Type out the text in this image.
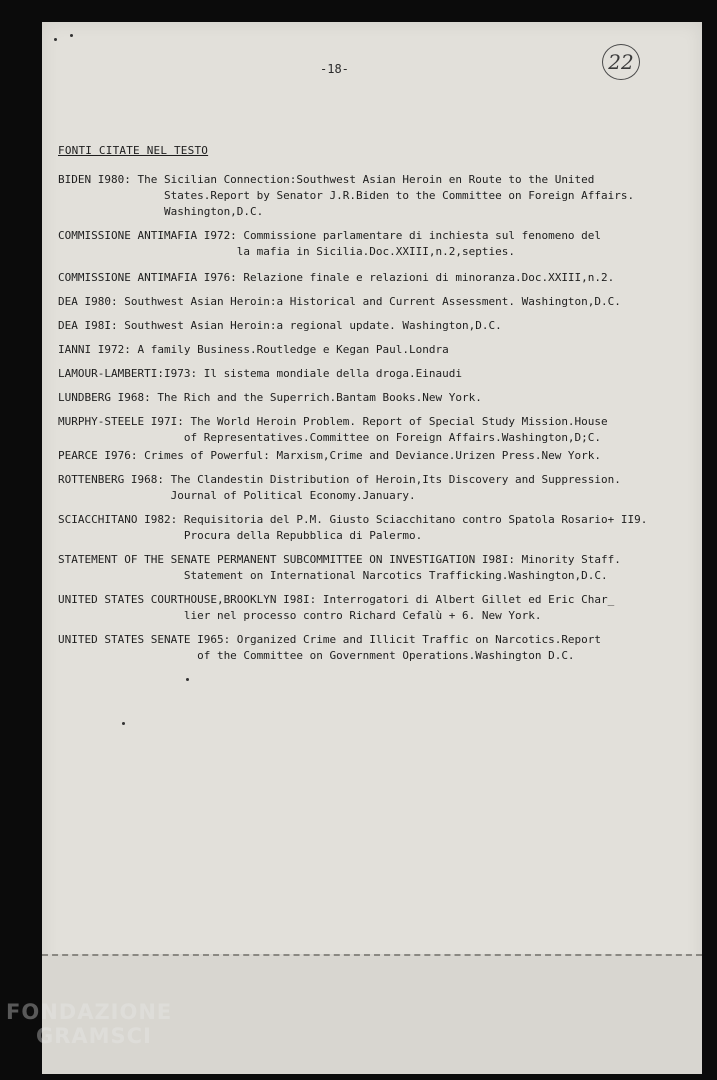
-18-	22
FONTI CITATE NEL TESTO
BIDEN I980: The Sicilian Connection:Southwest Asian Heroin en Route to the United
States.Report by Senator J.R.Biden to the Committee on Foreign Affairs.
Washington,D.C.
COMMISSIONE ANTIMAFIA I972: Commissione parlamentare di inchiesta sul fenomeno del
la mafia in Sicilia.Doc.XXIII,n.2,septies.
COMMISSIONE ANTIMAFIA I976: Relazione finale e relazioni di minoranza.Doc.XXIII,n.2.
DEA I980: Southwest Asian Heroin:a Historical and Current Assessment. Washington,D.C.
DEA I98I: Southwest Asian Heroin:a regional update. Washington,D.C.
IANNI I972: A family Business.Routledge e Kegan Paul.Londra
LAMOUR-LAMBERTI:I973: Il sistema mondiale della droga.Einaudi
LUNDBERG I968: The Rich and the Superrich.Bantam Books.New York.
MURPHY-STEELE I97I: The World Heroin Problem. Report of Special Study Mission.House
of Representatives.Committee on Foreign Affairs.Washington,D;C.
PEARCE I976: Crimes of Powerful: Marxism,Crime and Deviance.Urizen Press.New York.
ROTTENBERG I968: The Clandestin Distribution of Heroin,Its Discovery and Suppression.
Journal of Political Economy.January.
SCIACCHITANO I982: Requisitoria del P.M. Giusto Sciacchitano contro Spatola Rosario+ II9.
Procura della Repubblica di Palermo.
STATEMENT OF THE SENATE PERMANENT SUBCOMMITTEE ON INVESTIGATION I98I: Minority Staff.
Statement on International Narcotics Trafficking.Washington,D.C.
UNITED STATES COURTHOUSE,BROOKLYN I98I: Interrogatori di Albert Gillet ed Eric Char_
lier nel processo contro Richard Cefalù + 6. New York.
UNITED STATES SENATE I965: Organized Crime and Illicit Traffic on Narcotics.Report
of the Committee on Government Operations.Washington D.C.
FONDAZIONE
GRAMSCI
